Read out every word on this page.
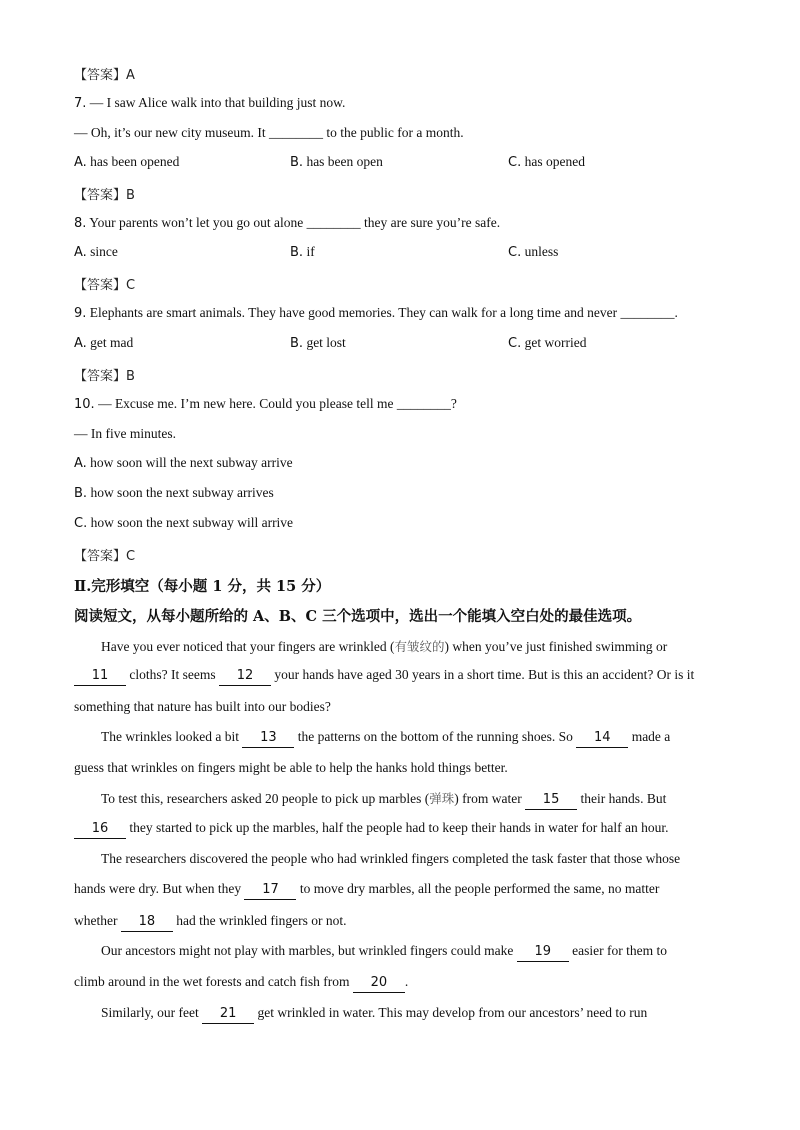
【答案】A
7. — I saw Alice walk into that building just now.
— Oh, it’s our new city museum. It ________ to the public for a month.
A. has been opened	B. has been open	C. has opened
【答案】B
8. Your parents won’t let you go out alone ________ they are sure you’re safe.
A. since	B. if	C. unless
【答案】C
9. Elephants are smart animals. They have good memories. They can walk for a long time and never ________.
A. get mad	B. get lost	C. get worried
【答案】B
10. — Excuse me. I’m new here. Could you please tell me ________?
— In five minutes.
A. how soon will the next subway arrive
B. how soon the next subway arrives
C. how soon the next subway will arrive
【答案】C
Ⅱ.完形填空（每小题 1 分，共 15 分）
阅读短文，从每小题所给的 A、B、C 三个选项中，选出一个能填入空白处的最佳选项。
Have you ever noticed that your fingers are wrinkled (有皱纹的) when you’ve just finished swimming or
11 cloths? It seems 12 your hands have aged 30 years in a short time. But is this an accident? Or is it
something that nature has built into our bodies?
The wrinkles looked a bit 13 the patterns on the bottom of the running shoes. So 14 made a
guess that wrinkles on fingers might be able to help the hanks hold things better.
To test this, researchers asked 20 people to pick up marbles (弹珠) from water 15 their hands. But
16 they started to pick up the marbles, half the people had to keep their hands in water for half an hour.
The researchers discovered the people who had wrinkled fingers completed the task faster that those whose
hands were dry. But when they 17 to move dry marbles, all the people performed the same, no matter
whether 18 had the wrinkled fingers or not.
Our ancestors might not play with marbles, but wrinkled fingers could make 19 easier for them to
climb around in the wet forests and catch fish from 20 .
Similarly, our feet 21 get wrinkled in water. This may develop from our ancestors’ need to run
